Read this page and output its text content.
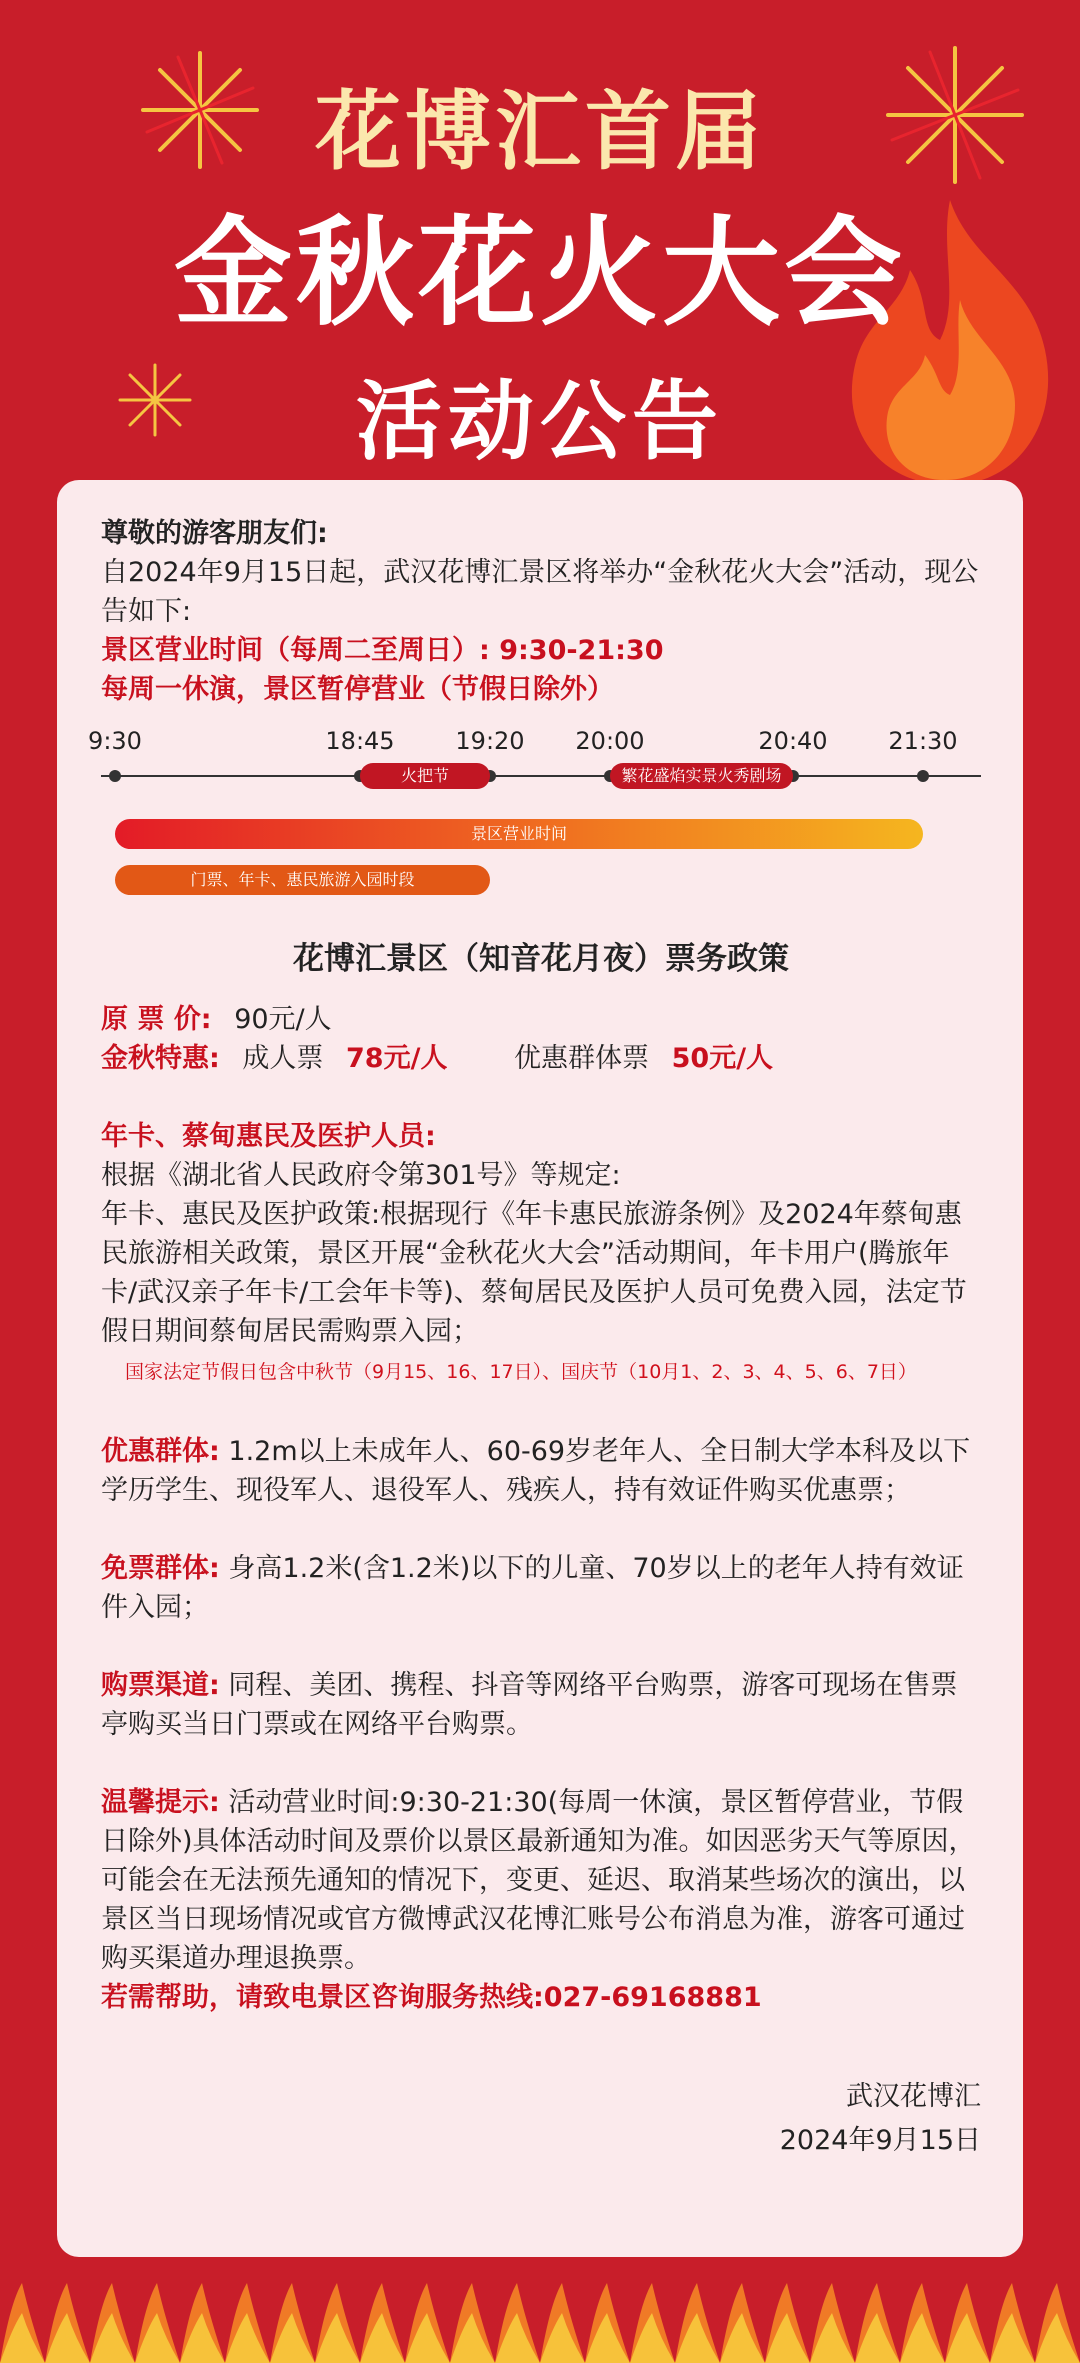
花博汇首届
金秋花火大会
活动公告

尊敬的游客朋友们:

自2024年9月15日起，武汉花博汇景区将举办“金秋花火大会”活动，现公告如下:

景区营业时间（每周二至周日）: 9:30-21:30

每周一休演，景区暂停营业（节假日除外）

9:30	18:45	19:20 20:00	20:40	21:30
火把节	繁花盛焰实景火秀剧场
景区营业时间
门票、年卡、惠民旅游入园时段
花博汇景区（知音花月夜）票务政策

原 票 价: 90元/人

金秋特惠: 成人票 78元/人 优惠群体票 50元/人

年卡、蔡甸惠民及医护人员:

根据《湖北省人民政府令第301号》等规定:

年卡、惠民及医护政策:根据现行《年卡惠民旅游条例》及2024年蔡甸惠民旅游相关政策，景区开展“金秋花火大会”活动期间，年卡用户(腾旅年卡/武汉亲子年卡/工会年卡等)、蔡甸居民及医护人员可免费入园，法定节假日期间蔡甸居民需购票入园；

国家法定节假日包含中秋节（9月15、16、17日）、国庆节（10月1、2、3、4、5、6、7日）

优惠群体: 1.2m以上未成年人、60-69岁老年人、全日制大学本科及以下学历学生、现役军人、退役军人、残疾人，持有效证件购买优惠票；

免票群体: 身高1.2米(含1.2米)以下的儿童、70岁以上的老年人持有效证件入园；

购票渠道: 同程、美团、携程、抖音等网络平台购票，游客可现场在售票亭购买当日门票或在网络平台购票。

温馨提示: 活动营业时间:9:30-21:30(每周一休演，景区暂停营业，节假日除外)具体活动时间及票价以景区最新通知为准。如因恶劣天气等原因，可能会在无法预先通知的情况下，变更、延迟、取消某些场次的演出，以景区当日现场情况或官方微博武汉花博汇账号公布消息为准，游客可通过购买渠道办理退换票。

若需帮助，请致电景区咨询服务热线:027-69168881

武汉花博汇
2024年9月15日
